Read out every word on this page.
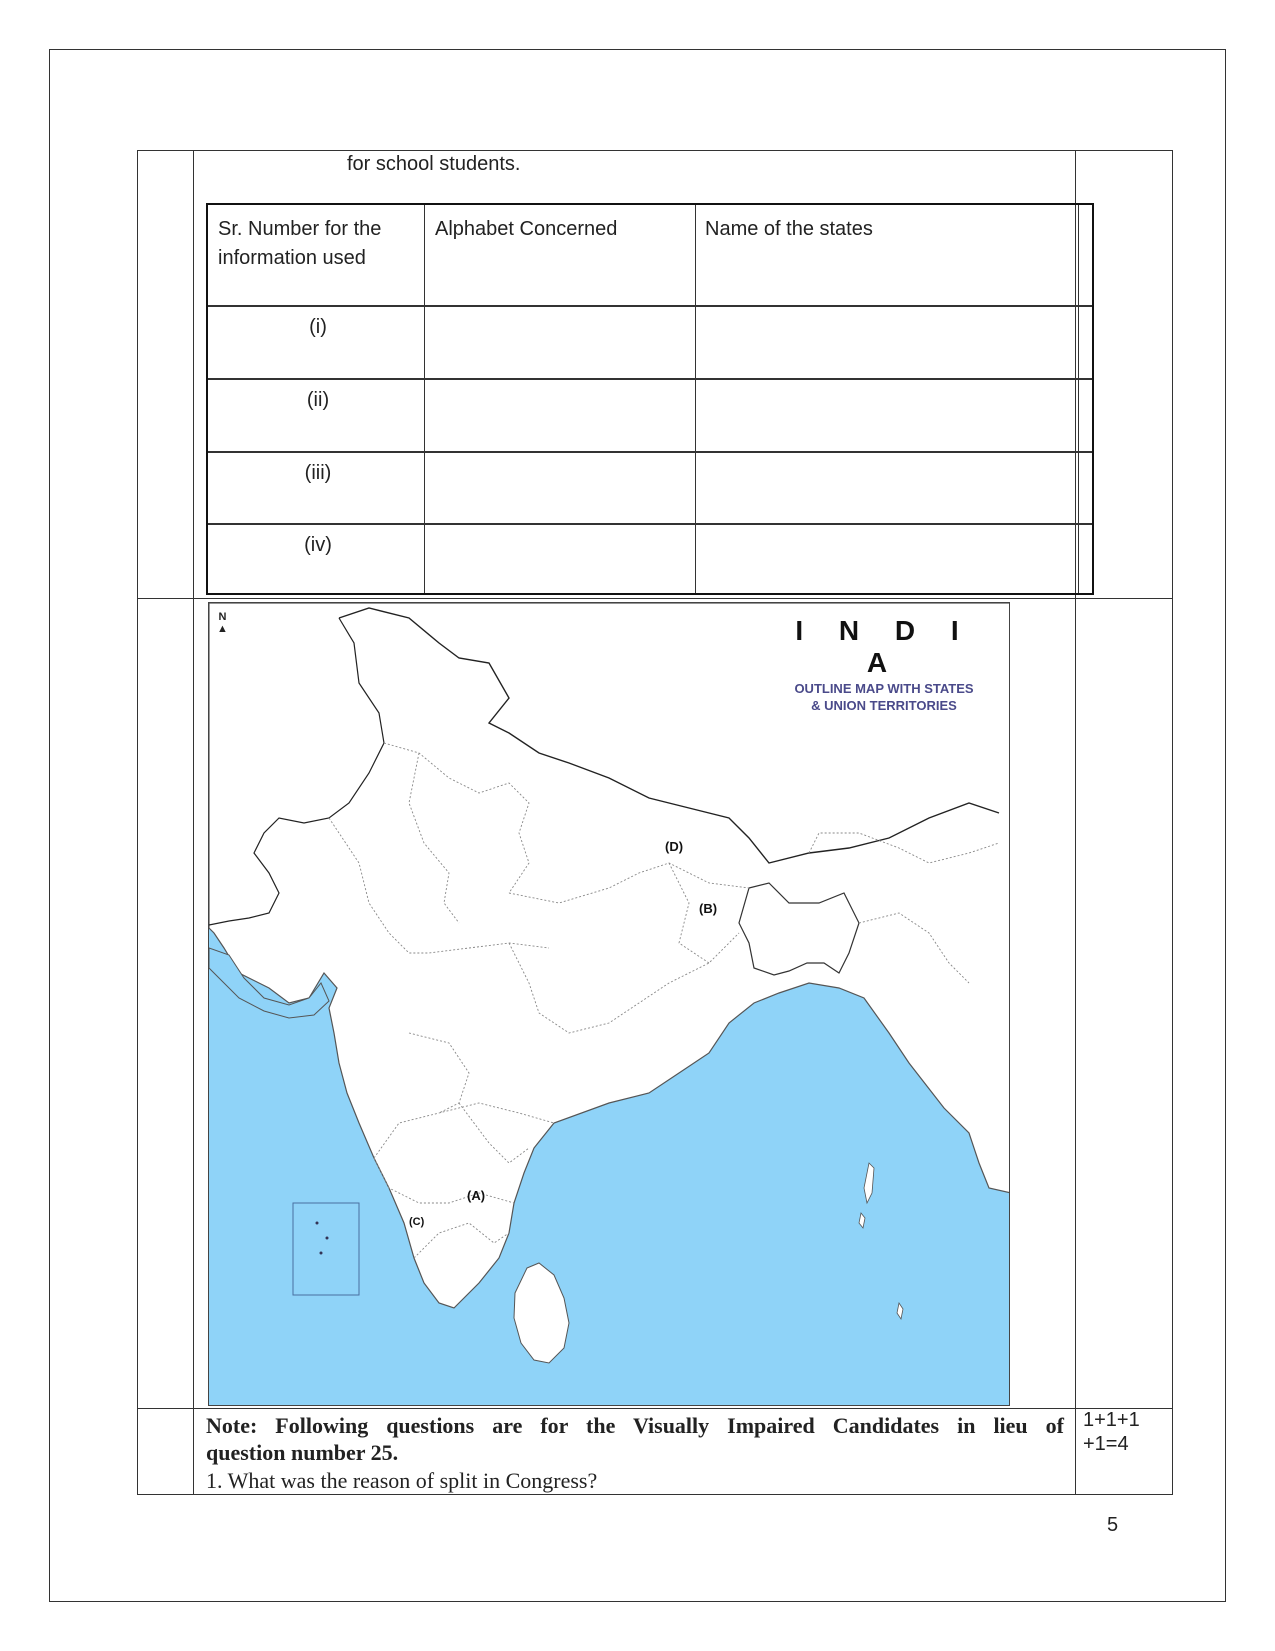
for school students.
Sr. Number for the information used
Alphabet Concerned	Name of the states
(i)
(ii)
(iii)
(iv)
N
▲	I N D I A
OUTLINE MAP WITH STATES
& UNION TERRITORIES
(A)
(B)
(C)
(D)
Note: Following questions are for the Visually Impaired Candidates in lieu of
question number 25.
1. What was the reason of split in Congress?
1+1+1
+1=4
5
